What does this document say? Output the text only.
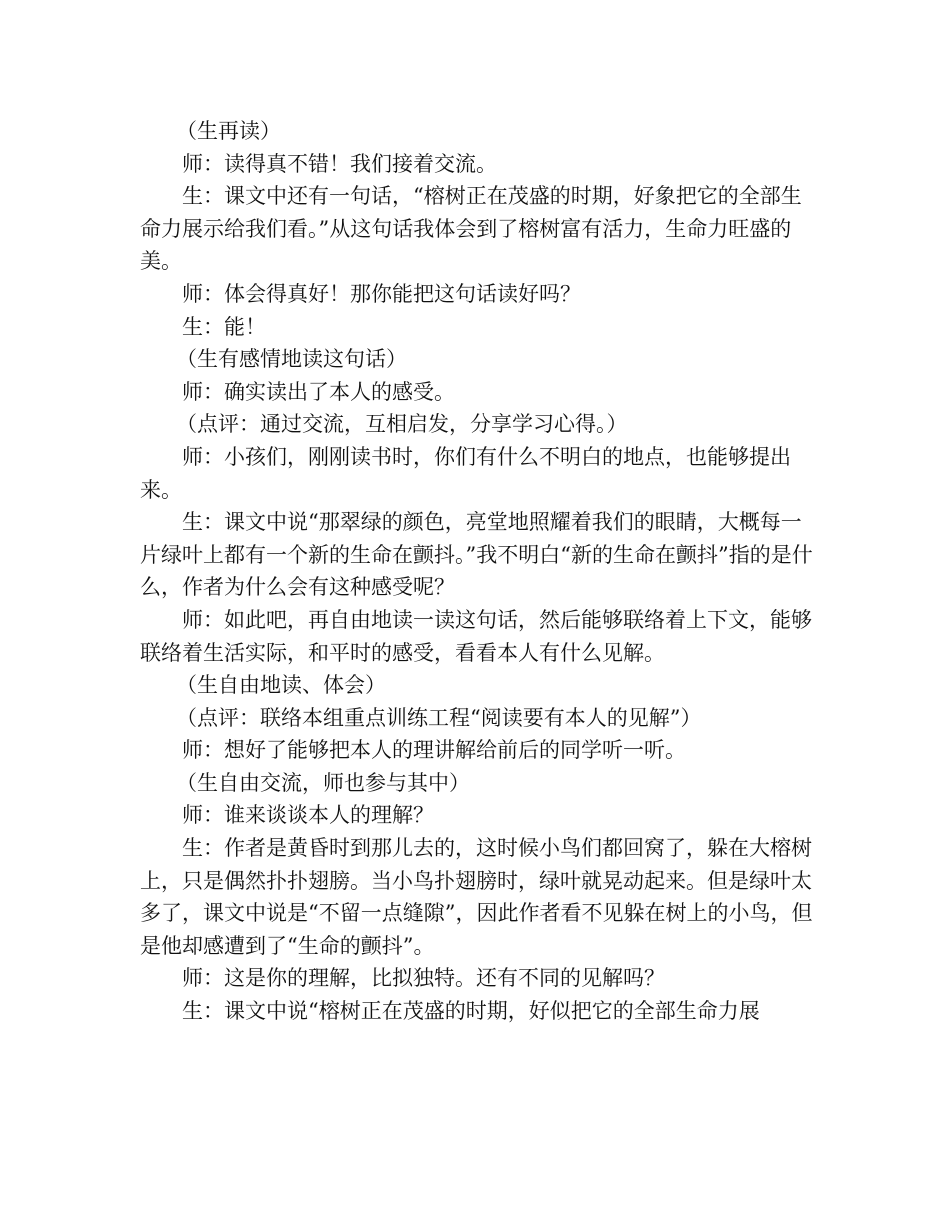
（生再读）

师：读得真不错！我们接着交流。

生：课文中还有一句话，“榕树正在茂盛的时期，好象把它的全部生命力展示给我们看。”从这句话我体会到了榕树富有活力，生命力旺盛的美。

师：体会得真好！那你能把这句话读好吗？

生：能！

（生有感情地读这句话）

师：确实读出了本人的感受。

（点评：通过交流，互相启发，分享学习心得。）

师：小孩们，刚刚读书时，你们有什么不明白的地点，也能够提出来。

生：课文中说“那翠绿的颜色，亮堂地照耀着我们的眼睛，大概每一片绿叶上都有一个新的生命在颤抖。”我不明白“新的生命在颤抖”指的是什么，作者为什么会有这种感受呢？

师：如此吧，再自由地读一读这句话，然后能够联络着上下文，能够联络着生活实际，和平时的感受，看看本人有什么见解。

（生自由地读、体会）

（点评：联络本组重点训练工程“阅读要有本人的见解”）

师：想好了能够把本人的理讲解给前后的同学听一听。

（生自由交流，师也参与其中）

师：谁来谈谈本人的理解？

生：作者是黄昏时到那儿去的，这时候小鸟们都回窝了，躲在大榕树上，只是偶然扑扑翅膀。当小鸟扑翅膀时，绿叶就晃动起来。但是绿叶太多了，课文中说是“不留一点缝隙”，因此作者看不见躲在树上的小鸟，但是他却感遭到了“生命的颤抖”。

师：这是你的理解，比拟独特。还有不同的见解吗？

生：课文中说“榕树正在茂盛的时期，好似把它的全部生命力展
